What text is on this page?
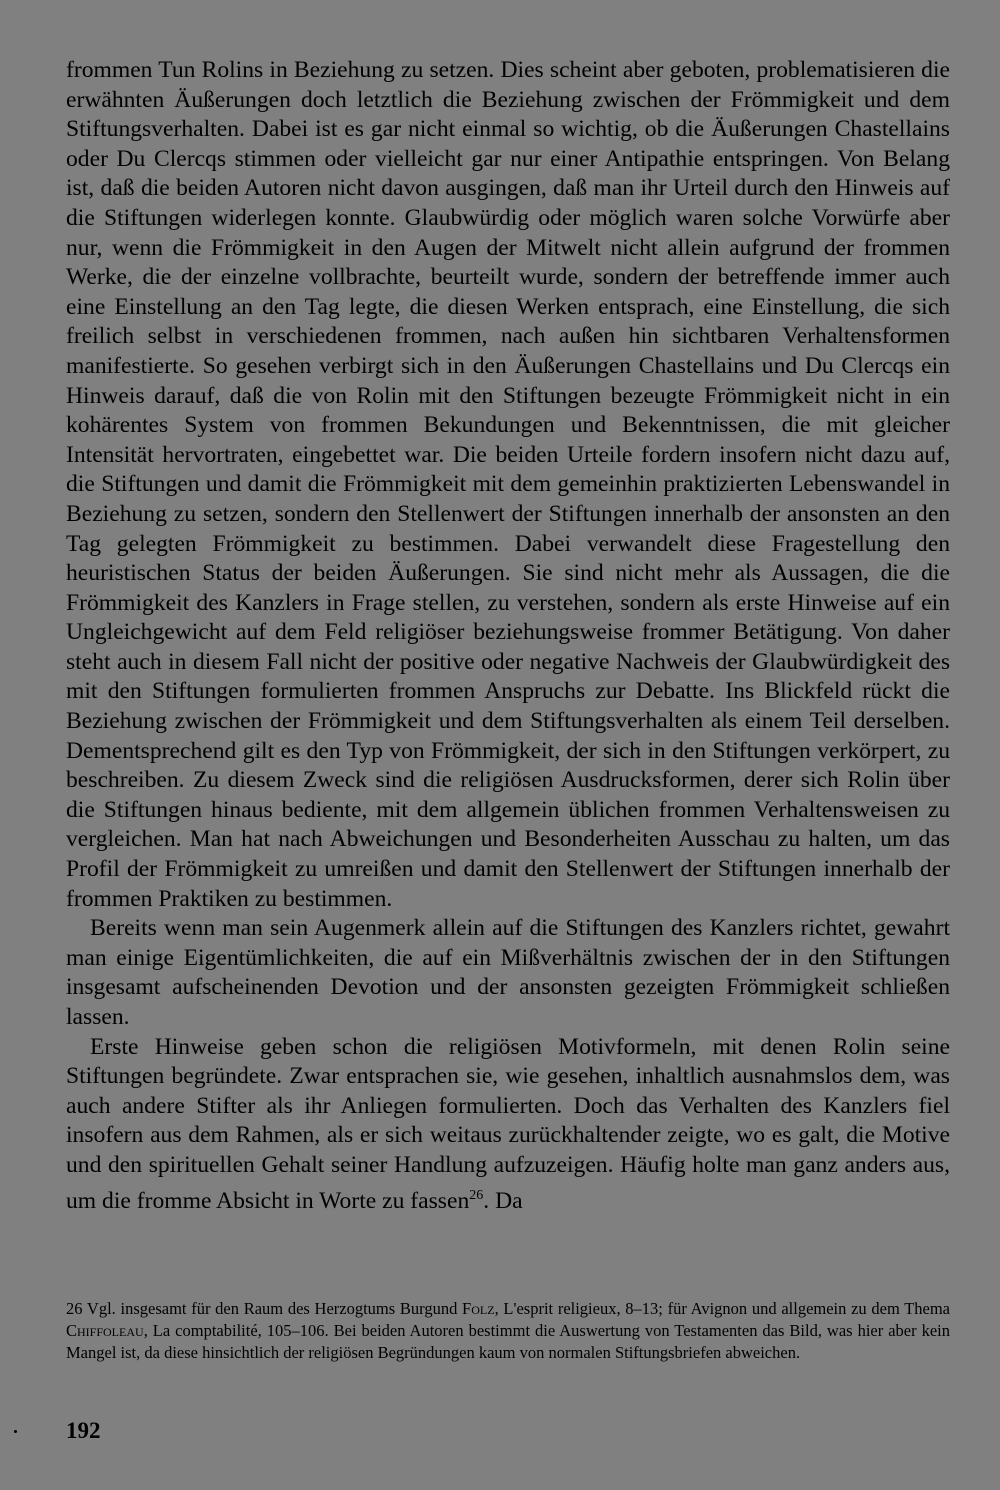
frommen Tun Rolins in Beziehung zu setzen. Dies scheint aber geboten, problematisieren die erwähnten Äußerungen doch letztlich die Beziehung zwischen der Frömmigkeit und dem Stiftungsverhalten. Dabei ist es gar nicht einmal so wichtig, ob die Äußerungen Chastellains oder Du Clercqs stimmen oder vielleicht gar nur einer Antipathie entspringen. Von Belang ist, daß die beiden Autoren nicht davon ausgingen, daß man ihr Urteil durch den Hinweis auf die Stiftungen widerlegen konnte. Glaubwürdig oder möglich waren solche Vorwürfe aber nur, wenn die Frömmigkeit in den Augen der Mitwelt nicht allein aufgrund der frommen Werke, die der einzelne vollbrachte, beurteilt wurde, sondern der betreffende immer auch eine Einstellung an den Tag legte, die diesen Werken entsprach, eine Einstellung, die sich freilich selbst in verschiedenen frommen, nach außen hin sichtbaren Verhaltensformen manifestierte. So gesehen verbirgt sich in den Äußerungen Chastellains und Du Clercqs ein Hinweis darauf, daß die von Rolin mit den Stiftungen bezeugte Frömmigkeit nicht in ein kohärentes System von frommen Bekundungen und Bekenntnissen, die mit gleicher Intensität hervortraten, eingebettet war. Die beiden Urteile fordern insofern nicht dazu auf, die Stiftungen und damit die Frömmigkeit mit dem gemeinhin praktizierten Lebenswandel in Beziehung zu setzen, sondern den Stellenwert der Stiftungen innerhalb der ansonsten an den Tag gelegten Frömmigkeit zu bestimmen. Dabei verwandelt diese Fragestellung den heuristischen Status der beiden Äußerungen. Sie sind nicht mehr als Aussagen, die die Frömmigkeit des Kanzlers in Frage stellen, zu verstehen, sondern als erste Hinweise auf ein Ungleichgewicht auf dem Feld religiöser beziehungsweise frommer Betätigung. Von daher steht auch in diesem Fall nicht der positive oder negative Nachweis der Glaubwürdigkeit des mit den Stiftungen formulierten frommen Anspruchs zur Debatte. Ins Blickfeld rückt die Beziehung zwischen der Frömmigkeit und dem Stiftungsverhalten als einem Teil derselben. Dementsprechend gilt es den Typ von Frömmigkeit, der sich in den Stiftungen verkörpert, zu beschreiben. Zu diesem Zweck sind die religiösen Ausdrucksformen, derer sich Rolin über die Stiftungen hinaus bediente, mit dem allgemein üblichen frommen Verhaltensweisen zu vergleichen. Man hat nach Abweichungen und Besonderheiten Ausschau zu halten, um das Profil der Frömmigkeit zu umreißen und damit den Stellenwert der Stiftungen innerhalb der frommen Praktiken zu bestimmen.

Bereits wenn man sein Augenmerk allein auf die Stiftungen des Kanzlers richtet, gewahrt man einige Eigentümlichkeiten, die auf ein Mißverhältnis zwischen der in den Stiftungen insgesamt aufscheinenden Devotion und der ansonsten gezeigten Frömmigkeit schließen lassen.

Erste Hinweise geben schon die religiösen Motivformeln, mit denen Rolin seine Stiftungen begründete. Zwar entsprachen sie, wie gesehen, inhaltlich ausnahmslos dem, was auch andere Stifter als ihr Anliegen formulierten. Doch das Verhalten des Kanzlers fiel insofern aus dem Rahmen, als er sich weitaus zurückhaltender zeigte, wo es galt, die Motive und den spirituellen Gehalt seiner Handlung aufzuzeigen. Häufig holte man ganz anders aus, um die fromme Absicht in Worte zu fassen$^{26}$. Da

26 Vgl. insgesamt für den Raum des Herzogtums Burgund Folz, L'esprit religieux, 8–13; für Avignon und allgemein zu dem Thema Chiffoleau, La comptabilité, 105–106. Bei beiden Autoren bestimmt die Auswertung von Testamenten das Bild, was hier aber kein Mangel ist, da diese hinsichtlich der religiösen Begründungen kaum von normalen Stiftungsbriefen abweichen.
192
